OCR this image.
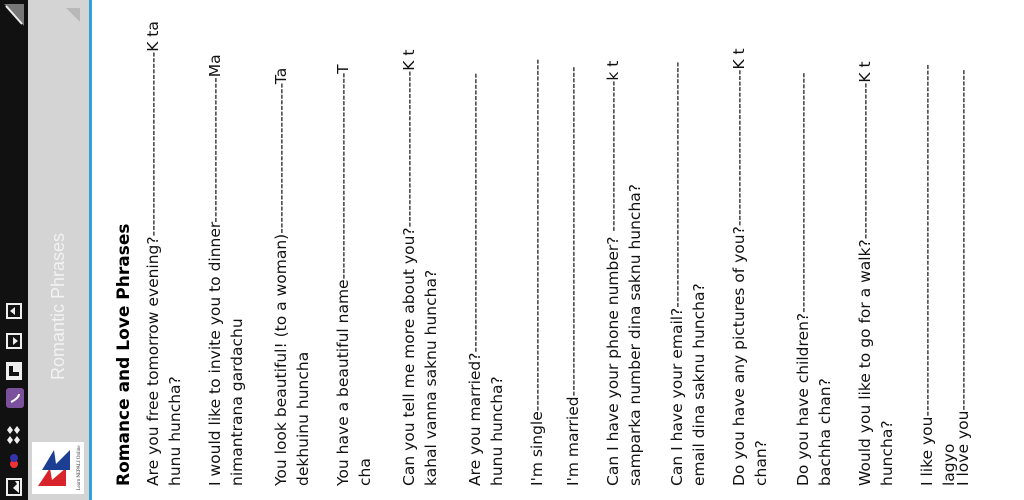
Learn NEPALI Online
Romantic Phrases	Romance and Love Phrases Are you free tomorrow evening?---------------------------------K ta hunu huncha? I would like to invite you to dinner--------------------------Ma nimantrana gardachu You look beautiful! (to a woman)---------------------------Ta dekhuinu huncha You have a beautiful name-------------------------------------T cha Can you tell me more about you?----------------------------K t kahal vanna saknu huncha? Are you married?-------------------------------------------------- hunu huncha? I'm single--------------------------------------------------------------- I'm married----------------------------------------------------------- Can I have your phone number? ---------------------------k t samparka number dina saknu huncha? Can I have your email?-------------------------------------------- email dina saknu huncha? Do you have any pictures of you?----------------------------K t chan? Do you have children?------------------------------------------- bachha chan? Would you like to go for a walk?----------------------------K t huncha? I like you--------------------------------------------------------------- lagyo
I love you-------------------------------------------------------------
